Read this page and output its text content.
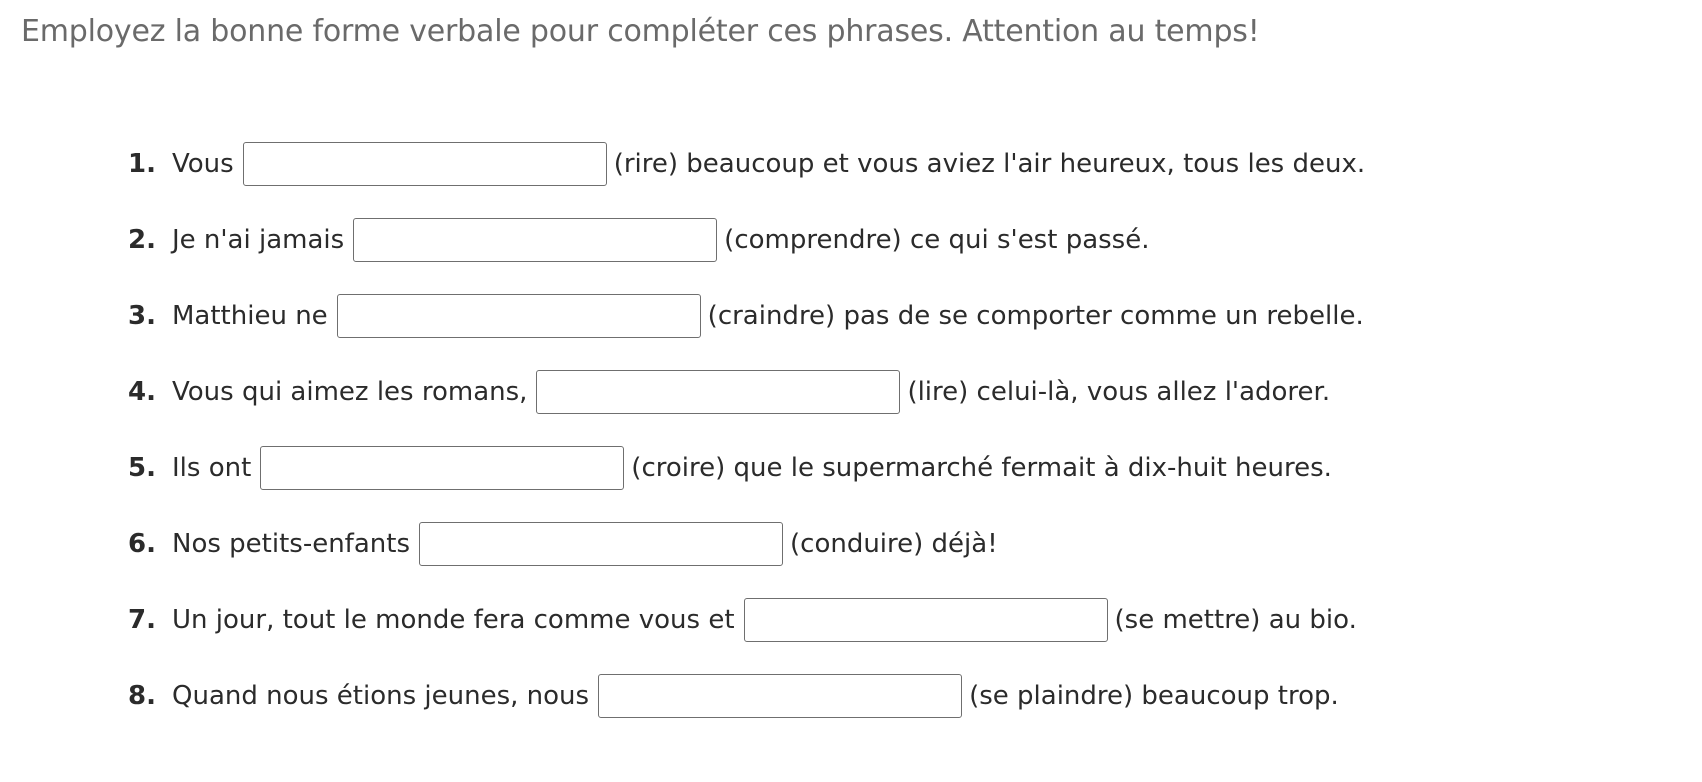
Employez la bonne forme verbale pour compléter ces phrases. Attention au temps!
1. Vous	(rire) beaucoup et vous aviez l'air heureux, tous les deux.
2. Je n'ai jamais	(comprendre) ce qui s'est passé.
3. Matthieu ne	(craindre) pas de se comporter comme un rebelle.
4. Vous qui aimez les romans,	(lire) celui-là, vous allez l'adorer.
5. Ils ont	(croire) que le supermarché fermait à dix-huit heures.
6. Nos petits-enfants	(conduire) déjà!
7. Un jour, tout le monde fera comme vous et	(se mettre) au bio.
8. Quand nous étions jeunes, nous	(se plaindre) beaucoup trop.
